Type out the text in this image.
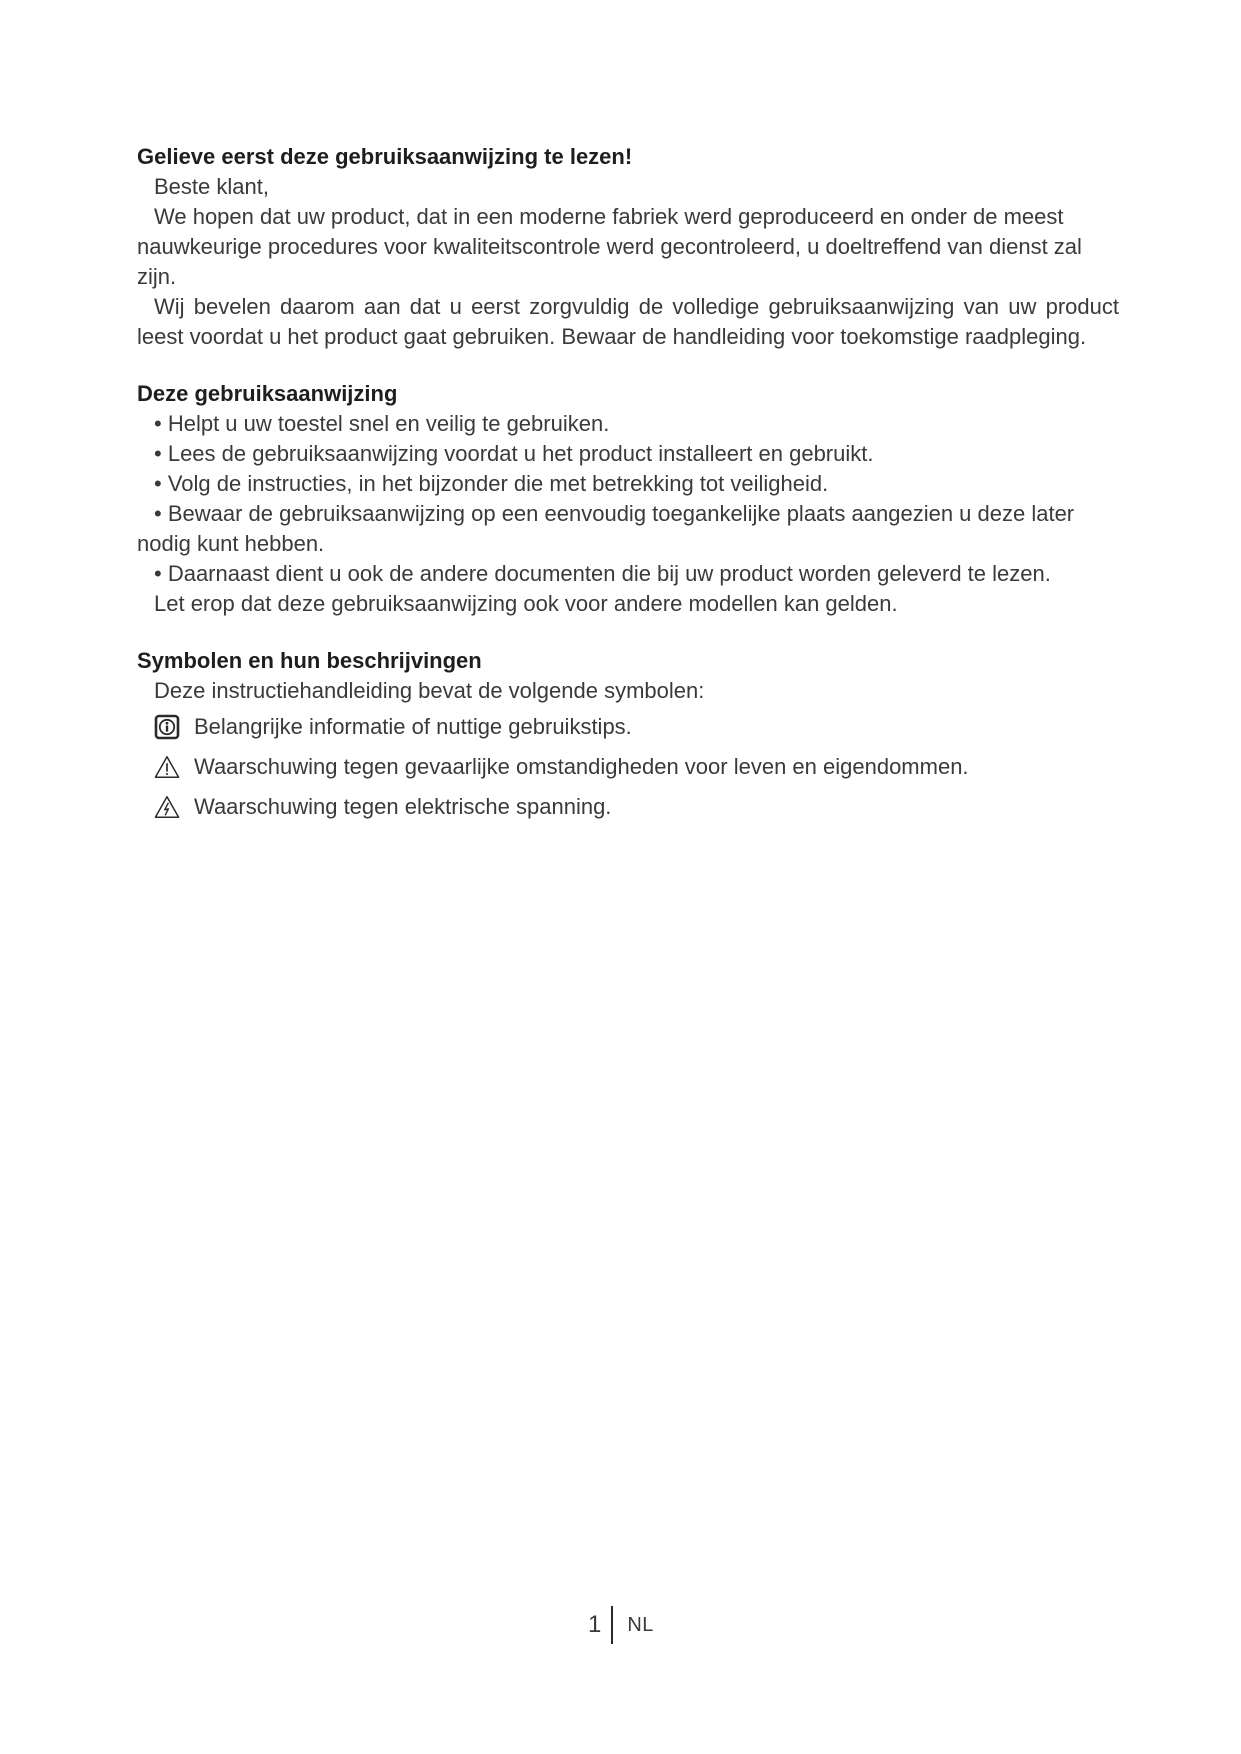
Gelieve eerst deze gebruiksaanwijzing te lezen!

Beste klant,

We hopen dat uw product, dat in een moderne fabriek werd geproduceerd en onder de meest nauwkeurige procedures voor kwaliteitscontrole werd gecontroleerd, u doeltreffend van dienst zal zijn.

Wij bevelen daarom aan dat u eerst zorgvuldig de volledige gebruiksaanwijzing van uw product leest voordat u het product gaat gebruiken. Bewaar de handleiding voor toekomstige raadpleging.

Deze gebruiksaanwijzing

• Helpt u uw toestel snel en veilig te gebruiken.

• Lees de gebruiksaanwijzing voordat u het product installeert en gebruikt.

• Volg de instructies, in het bijzonder die met betrekking tot veiligheid.

• Bewaar de gebruiksaanwijzing op een eenvoudig toegankelijke plaats aangezien u deze later nodig kunt hebben.

• Daarnaast dient u ook de andere documenten die bij uw product worden geleverd te lezen.

Let erop dat deze gebruiksaanwijzing ook voor andere modellen kan gelden.

Symbolen en hun beschrijvingen

Deze instructiehandleiding bevat de volgende symbolen:

Belangrijke informatie of nuttige gebruikstips.
Waarschuwing tegen gevaarlijke omstandigheden voor leven en eigendommen.
Waarschuwing tegen elektrische spanning.
1 NL
